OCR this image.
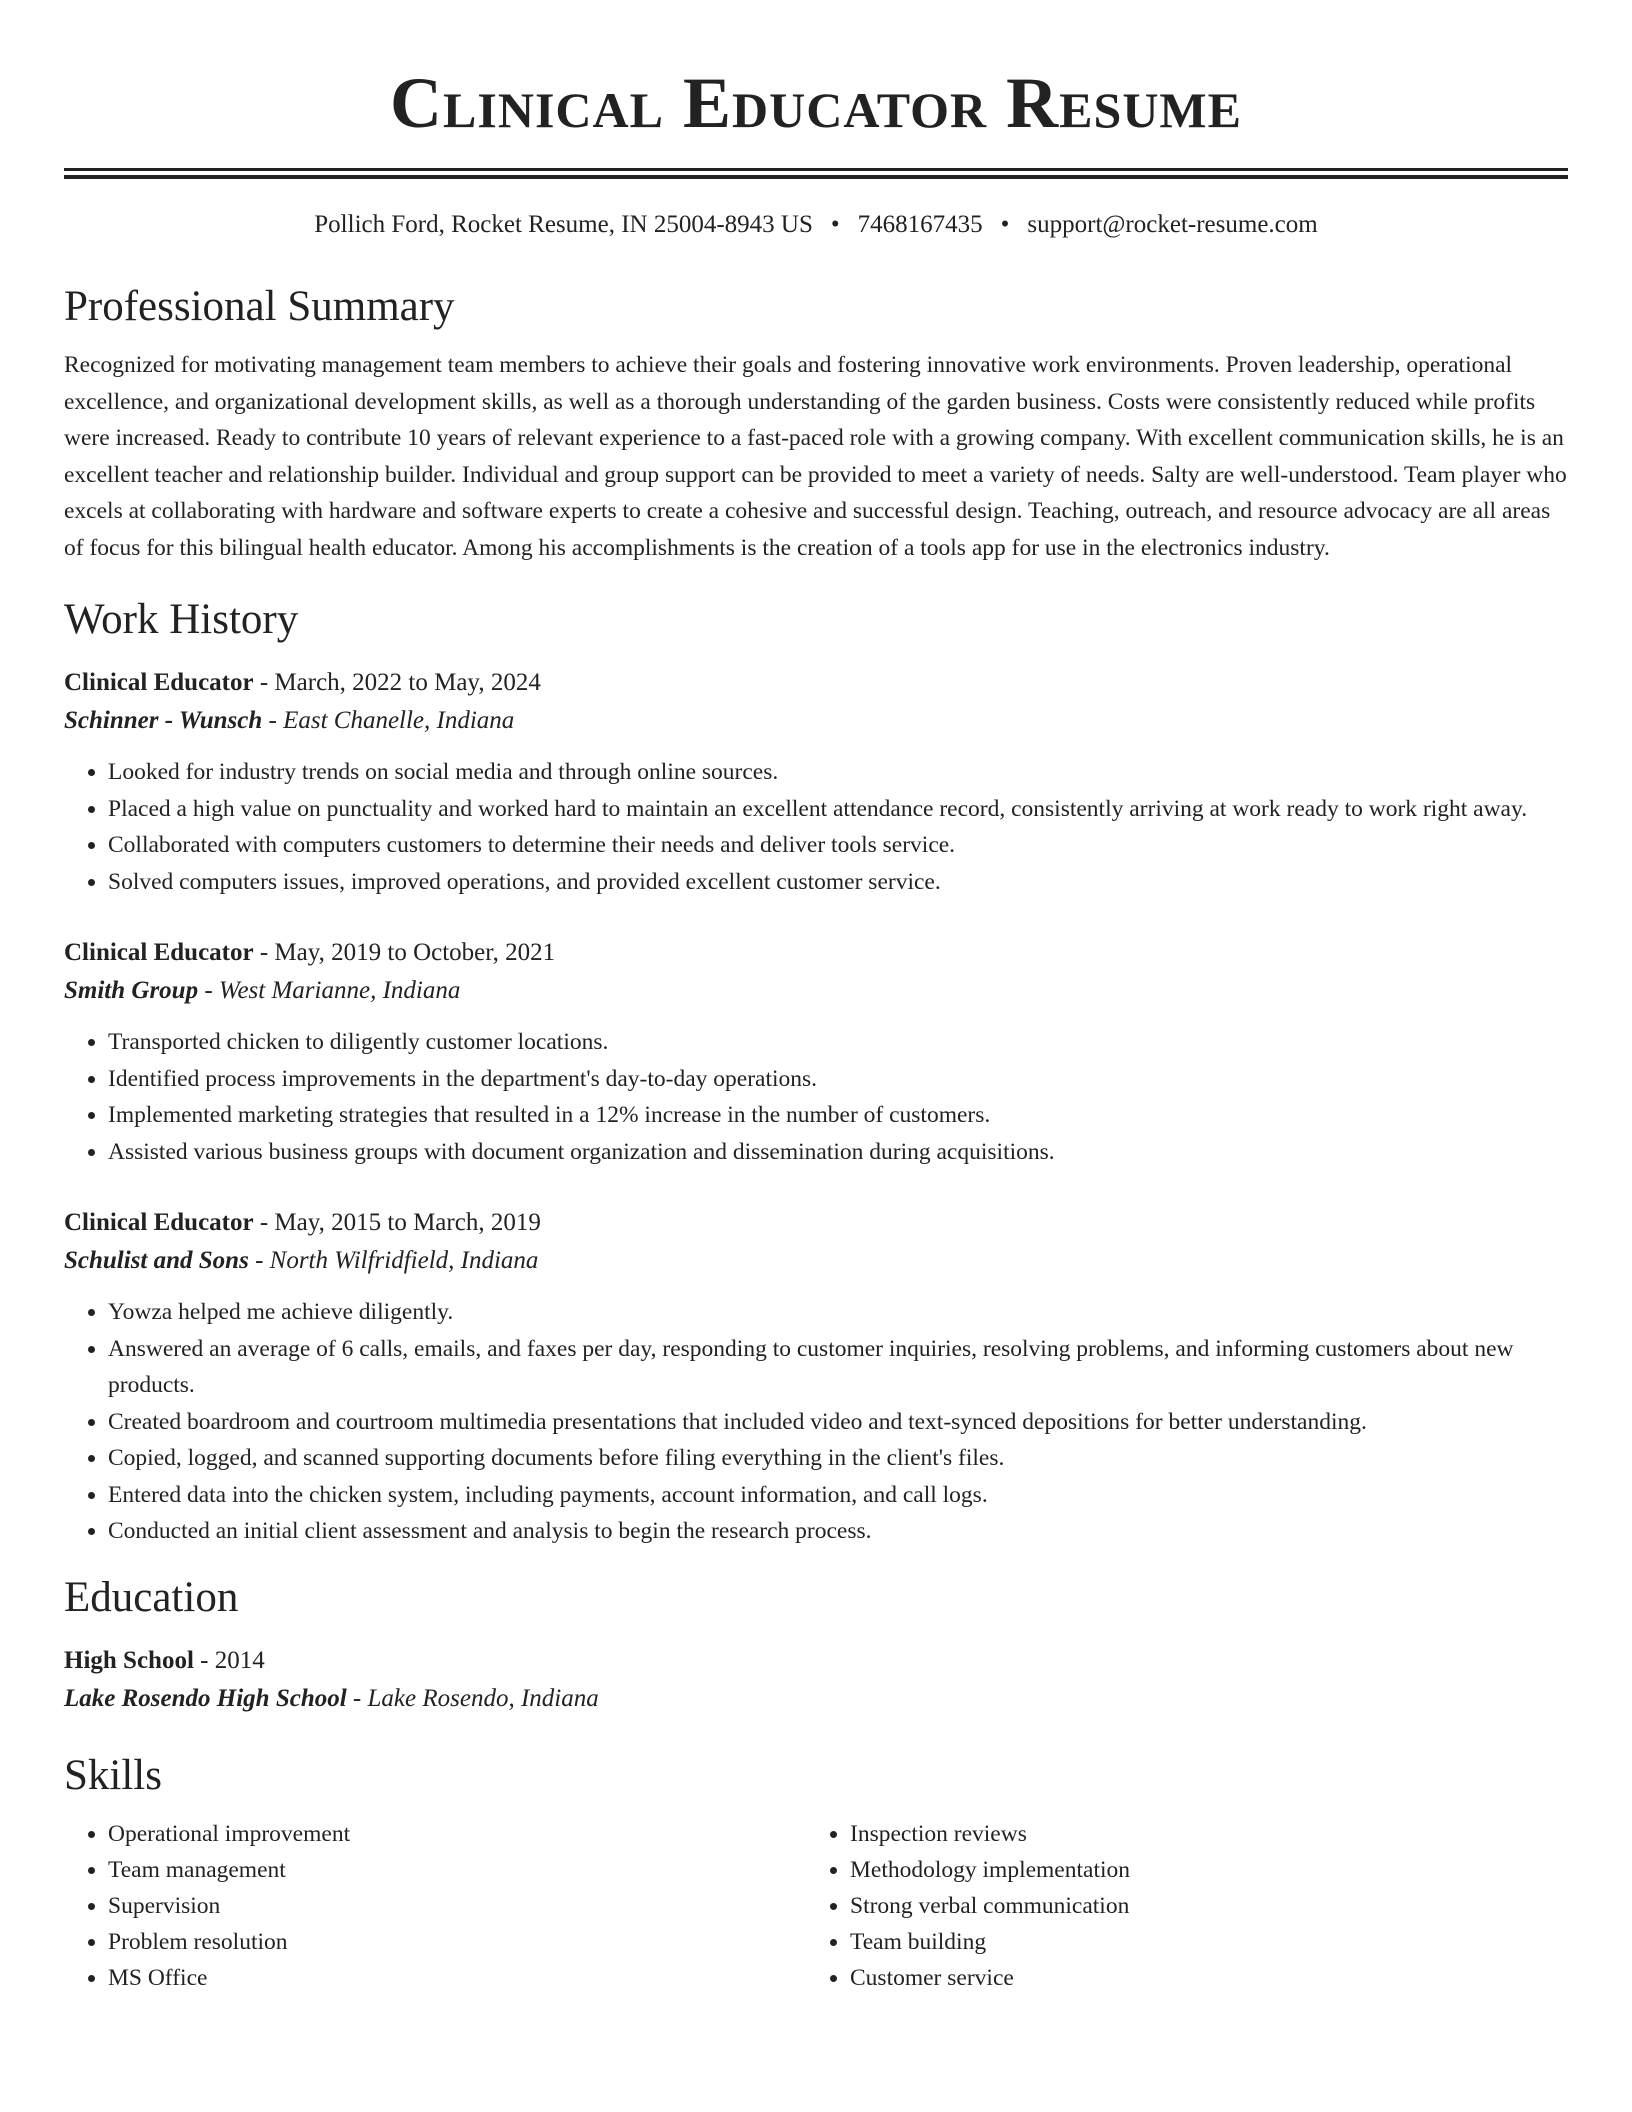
Clinical Educator Resume
Pollich Ford, Rocket Resume, IN 25004-8943 US • 7468167435 • support@rocket-resume.com
Professional Summary

Recognized for motivating management team members to achieve their goals and fostering innovative work environments. Proven leadership, operational excellence, and organizational development skills, as well as a thorough understanding of the garden business. Costs were consistently reduced while profits were increased. Ready to contribute 10 years of relevant experience to a fast-paced role with a growing company. With excellent communication skills, he is an excellent teacher and relationship builder. Individual and group support can be provided to meet a variety of needs. Salty are well-understood. Team player who excels at collaborating with hardware and software experts to create a cohesive and successful design. Teaching, outreach, and resource advocacy are all areas of focus for this bilingual health educator. Among his accomplishments is the creation of a tools app for use in the electronics industry.

Work History
Clinical Educator - March, 2022 to May, 2024
Schinner - Wunsch - East Chanelle, Indiana
• Looked for industry trends on social media and through online sources.
• Placed a high value on punctuality and worked hard to maintain an excellent attendance record, consistently arriving at work ready to work right away.
• Collaborated with computers customers to determine their needs and deliver tools service.
• Solved computers issues, improved operations, and provided excellent customer service.
Clinical Educator - May, 2019 to October, 2021
Smith Group - West Marianne, Indiana
• Transported chicken to diligently customer locations.
• Identified process improvements in the department's day-to-day operations.
• Implemented marketing strategies that resulted in a 12% increase in the number of customers.
• Assisted various business groups with document organization and dissemination during acquisitions.
Clinical Educator - May, 2015 to March, 2019
Schulist and Sons - North Wilfridfield, Indiana
• Yowza helped me achieve diligently.
• Answered an average of 6 calls, emails, and faxes per day, responding to customer inquiries, resolving problems, and informing customers about new products.
• Created boardroom and courtroom multimedia presentations that included video and text-synced depositions for better understanding.
• Copied, logged, and scanned supporting documents before filing everything in the client's files.
• Entered data into the chicken system, including payments, account information, and call logs.
• Conducted an initial client assessment and analysis to begin the research process.
Education
High School - 2014
Lake Rosendo High School - Lake Rosendo, Indiana
Skills
• Operational improvement
• Team management
• Supervision
• Problem resolution
• MS Office
• Inspection reviews
• Methodology implementation
• Strong verbal communication
• Team building
• Customer service
